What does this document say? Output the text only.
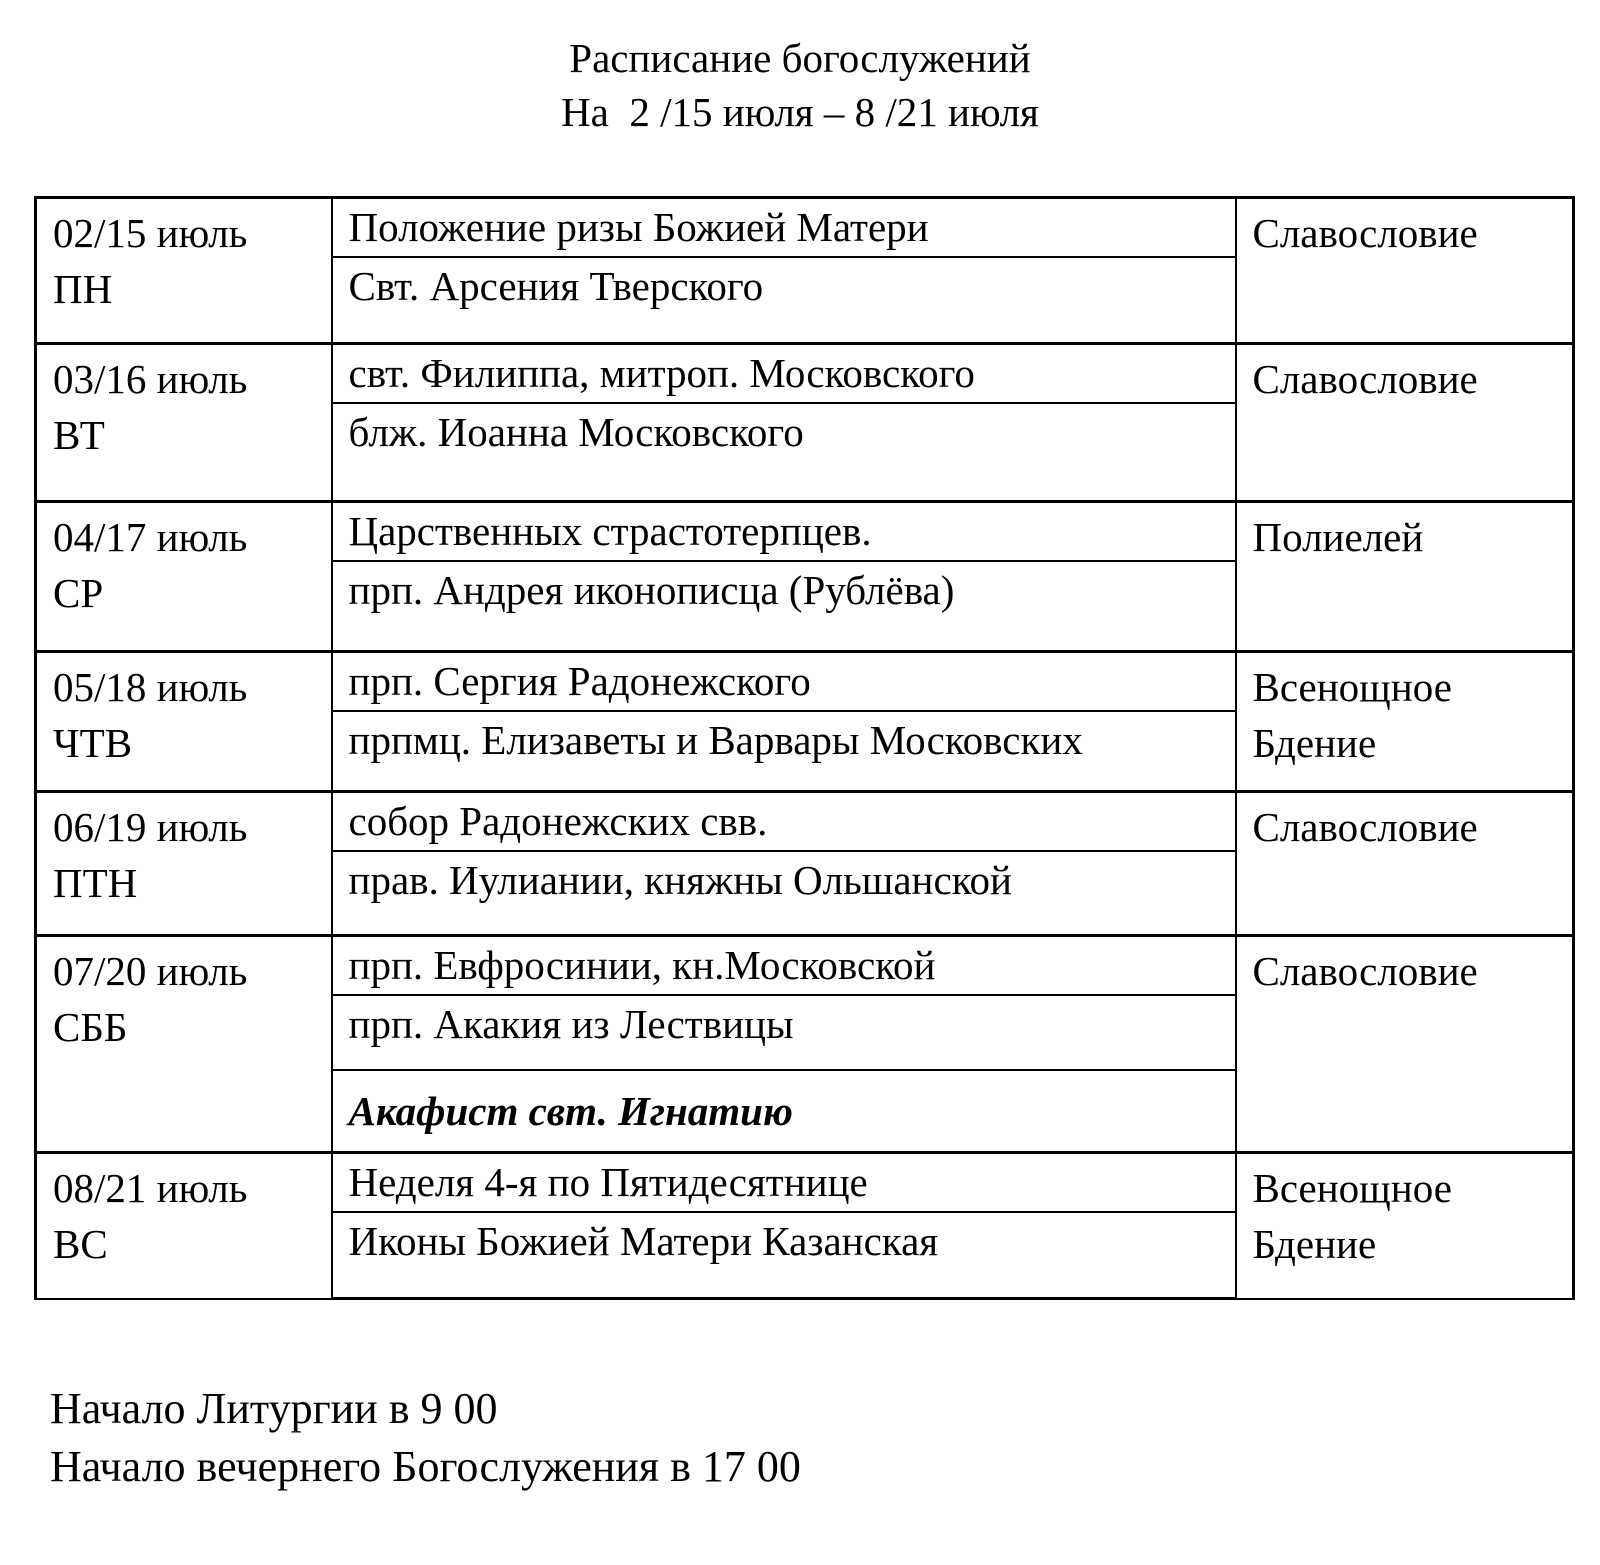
Расписание богослужений
На  2 /15 июля – 8 /21 июля
02/15 июль
ПН	Положение ризы Божией Матери	Славословие

	Свт. Арсения Тверского	

03/16 июль
ВТ	свт. Филиппа, митроп. Московского	Славословие

	блж. Иоанна Московского	

04/17 июль
СР	Царственных страстотерпцев.	Полиелей

	прп. Андрея иконописца (Рублёва)	

05/18 июль
ЧТВ	прп. Сергия Радонежского	Всенощное
Бдение

	прпмц. Елизаветы и Варвары Московских	

06/19 июль
ПТН	собор Радонежских свв.	Славословие

	прав. Иулиании, княжны Ольшанской	

07/20 июль
СББ	прп. Евфросинии, кн.Московской	Славословие

	прп. Акакия из Лествицы	
	Акафист свт. Игнатию	

08/21 июль
ВС	Неделя 4-я по Пятидесятнице	Всенощное
Бдение

	Иконы Божией Матери Казанская	
Начало Литургии в 9 00
Начало вечернего Богослужения в 17 00
